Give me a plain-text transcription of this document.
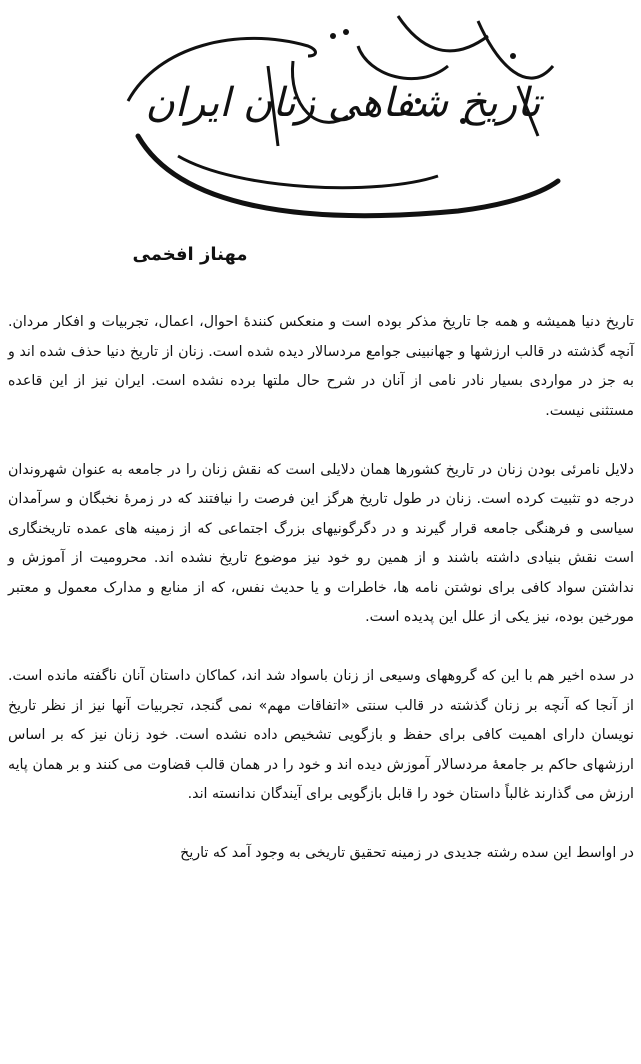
تاریخ شفاهی زنان ایران
مهناز افخمی

تاریخ دنیا همیشه و همه جا تاریخ مذکر بوده است و منعکس کنندهٔ احوال، اعمال، تجربیات و افکار مردان. آنچه گذشته در قالب ارزشها و جهانبینی جوامع مردسالار دیده شده است. زنان از تاریخ دنیا حذف شده اند و به جز در مواردی بسیار نادر نامی از آنان در شرح حال ملتها برده نشده است. ایران نیز از این قاعده مستثنی نیست.

دلایل نامرئی بودن زنان در تاریخ کشورها همان دلایلی است که نقش زنان را در جامعه به عنوان شهروندان درجه دو تثبیت کرده است. زنان در طول تاریخ هرگز این فرصت را نیافتند که در زمرهٔ نخبگان و سرآمدان سیاسی و فرهنگی جامعه قرار گیرند و در دگرگونیهای بزرگ اجتماعی که از زمینه های عمده تاریخنگاری است نقش بنیادی داشته باشند و از همین رو خود نیز موضوع تاریخ نشده اند. محرومیت از آموزش و نداشتن سواد کافی برای نوشتن نامه ها، خاطرات و یا حدیث نفس، که از منابع و مدارک معمول و معتبر مورخین بوده، نیز یکی از علل این پدیده است.

در سده اخیر هم با این که گروههای وسیعی از زنان باسواد شد اند، کماکان داستان آنان ناگفته مانده است. از آنجا که آنچه بر زنان گذشته در قالب سنتی «اتفاقات مهم» نمی گنجد، تجربیات آنها نیز از نظر تاریخ نویسان دارای اهمیت کافی برای حفظ و بازگویی تشخیص داده نشده است. خود زنان نیز که بر اساس ارزشهای حاکم بر جامعهٔ مردسالار آموزش دیده اند و خود را در همان قالب قضاوت می کنند و بر همان پایه ارزش می گذارند غالباً داستان خود را قابل بازگویی برای آیندگان ندانسته اند.

در اواسط این سده رشته جدیدی در زمینه تحقیق تاریخی به وجود آمد که تاریخ
